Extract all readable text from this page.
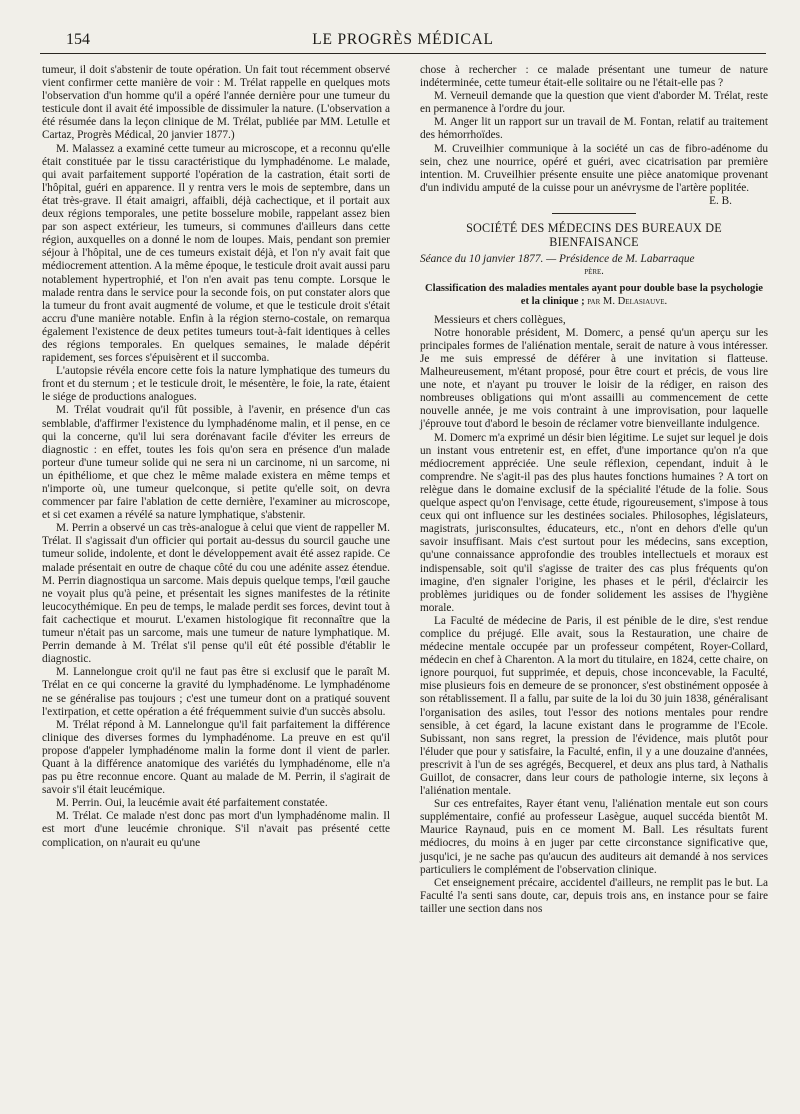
154	LE PROGRÈS MÉDICAL

tumeur, il doit s'abstenir de toute opération. Un fait tout récemment observé vient confirmer cette manière de voir : M. Trélat rappelle en quelques mots l'observation d'un homme qu'il a opéré l'année dernière pour une tumeur du testicule dont il avait été impossible de dissimuler la nature. (L'observation a été résumée dans la leçon clinique de M. Trélat, publiée par MM. Letulle et Cartaz, Progrès Médical, 20 janvier 1877.)

M. Malassez a examiné cette tumeur au microscope, et a reconnu qu'elle était constituée par le tissu caractéristique du lymphadénome. Le malade, qui avait parfaitement supporté l'opération de la castration, était sorti de l'hôpital, guéri en apparence. Il y rentra vers le mois de septembre, dans un état très-grave. Il était amaigri, affaibli, déjà cachectique, et il portait aux deux régions temporales, une petite bosselure mobile, rappelant assez bien par son aspect extérieur, les tumeurs, si communes d'ailleurs dans cette région, auxquelles on a donné le nom de loupes. Mais, pendant son premier séjour à l'hôpital, une de ces tumeurs existait déjà, et l'on n'y avait fait que médiocrement attention. A la même époque, le testicule droit avait aussi paru notablement hypertrophié, et l'on n'en avait pas tenu compte. Lorsque le malade rentra dans le service pour la seconde fois, on put constater alors que la tumeur du front avait augmenté de volume, et que le testicule droit s'était accru d'une manière notable. Enfin à la région sterno-costale, on remarqua également l'existence de deux petites tumeurs tout-à-fait identiques à celles des régions temporales. En quelques semaines, le malade dépérit rapidement, ses forces s'épuisèrent et il succomba.

L'autopsie révéla encore cette fois la nature lymphatique des tumeurs du front et du sternum ; et le testicule droit, le mésentère, le foie, la rate, étaient le siége de productions analogues.

M. Trélat voudrait qu'il fût possible, à l'avenir, en présence d'un cas semblable, d'affirmer l'existence du lymphadénome malin, et il pense, en ce qui la concerne, qu'il lui sera dorénavant facile d'éviter les erreurs de diagnostic : en effet, toutes les fois qu'on sera en présence d'un malade porteur d'une tumeur solide qui ne sera ni un carcinome, ni un sarcome, ni un épithéliome, et que chez le même malade existera en même temps et n'importe où, une tumeur quelconque, si petite qu'elle soit, on devra commencer par faire l'ablation de cette dernière, l'examiner au microscope, et si cet examen a révélé sa nature lymphatique, s'abstenir.

M. Perrin a observé un cas très-analogue à celui que vient de rappeller M. Trélat. Il s'agissait d'un officier qui portait au-dessus du sourcil gauche une tumeur solide, indolente, et dont le développement avait été assez rapide. Ce malade présentait en outre de chaque côté du cou une adénite assez étendue. M. Perrin diagnostiqua un sarcome. Mais depuis quelque temps, l'œil gauche ne voyait plus qu'à peine, et présentait les signes manifestes de la rétinite leucocythémique. En peu de temps, le malade perdit ses forces, devint tout à fait cachectique et mourut. L'examen histologique fit reconnaître que la tumeur n'était pas un sarcome, mais une tumeur de nature lymphatique. M. Perrin demande à M. Trélat s'il pense qu'il eût été possible d'établir le diagnostic.

M. Lannelongue croit qu'il ne faut pas être si exclusif que le paraît M. Trélat en ce qui concerne la gravité du lymphadénome. Le lymphadénome ne se généralise pas toujours ; c'est une tumeur dont on a pratiqué souvent l'extirpation, et cette opération a été fréquemment suivie d'un succès absolu.

M. Trélat répond à M. Lannelongue qu'il fait parfaitement la différence clinique des diverses formes du lymphadénome. La preuve en est qu'il propose d'appeler lymphadénome malin la forme dont il vient de parler. Quant à la différence anatomique des variétés du lymphadénome, elle n'a pas pu être reconnue encore. Quant au malade de M. Perrin, il s'agirait de savoir s'il était leucémique.

M. Perrin. Oui, la leucémie avait été parfaitement constatée.

M. Trélat. Ce malade n'est donc pas mort d'un lymphadénome malin. Il est mort d'une leucémie chronique. S'il n'avait pas présenté cette complication, on n'aurait eu qu'une

chose à rechercher : ce malade présentant une tumeur de nature indéterminée, cette tumeur était-elle solitaire ou ne l'était-elle pas ?

M. Verneuil demande que la question que vient d'aborder M. Trélat, reste en permanence à l'ordre du jour.

M. Anger lit un rapport sur un travail de M. Fontan, relatif au traitement des hémorrhoïdes.

M. Cruveilhier communique à la société un cas de fibro-adénome du sein, chez une nourrice, opéré et guéri, avec cicatrisation par première intention. M. Cruveilhier présente ensuite une pièce anatomique provenant d'un individu amputé de la cuisse pour un anévrysme de l'artère poplitée.

E. B.

SOCIÉTÉ DES MÉDECINS DES BUREAUX DE BIENFAISANCE

Séance du 10 janvier 1877. — Présidence de M. Labarraque

père.

Classification des maladies mentales ayant pour double base la psychologie et la clinique ; par M. Delasiauve.

Messieurs et chers collègues,

Notre honorable président, M. Domerc, a pensé qu'un aperçu sur les principales formes de l'aliénation mentale, serait de nature à vous intéresser. Je me suis empressé de déférer à une invitation si flatteuse. Malheureusement, m'étant proposé, pour être court et précis, de vous lire une note, et n'ayant pu trouver le loisir de la rédiger, en raison des nombreuses obligations qui m'ont assailli au commencement de cette nouvelle année, je me vois contraint à une improvisation, pour laquelle j'éprouve tout d'abord le besoin de réclamer votre bienveillante indulgence.

M. Domerc m'a exprimé un désir bien légitime. Le sujet sur lequel je dois un instant vous entretenir est, en effet, d'une importance qu'on n'a que médiocrement appréciée. Une seule réflexion, cependant, induit à le comprendre. Ne s'agit-il pas des plus hautes fonctions humaines ? A tort on relègue dans le domaine exclusif de la spécialité l'étude de la folie. Sous quelque aspect qu'on l'envisage, cette étude, rigoureusement, s'impose à tous ceux qui ont influence sur les destinées sociales. Philosophes, législateurs, magistrats, jurisconsultes, éducateurs, etc., n'ont en dehors d'elle qu'un savoir insuffisant. Mais c'est surtout pour les médecins, sans exception, qu'une connaissance approfondie des troubles intellectuels et moraux est indispensable, soit qu'il s'agisse de traiter des cas plus fréquents qu'on imagine, d'en signaler l'origine, les phases et le péril, d'éclaircir les problèmes juridiques ou de fonder solidement les assises de l'hygiène morale.

La Faculté de médecine de Paris, il est pénible de le dire, s'est rendue complice du préjugé. Elle avait, sous la Restauration, une chaire de médecine mentale occupée par un professeur compétent, Royer-Collard, médecin en chef à Charenton. A la mort du titulaire, en 1824, cette chaire, on ignore pourquoi, fut supprimée, et depuis, chose inconcevable, la Faculté, mise plusieurs fois en demeure de se prononcer, s'est obstinément opposée à son rétablissement. Il a fallu, par suite de la loi du 30 juin 1838, généralisant l'organisation des asiles, tout l'essor des notions mentales pour rendre sensible, à cet égard, la lacune existant dans le programme de l'Ecole. Subissant, non sans regret, la pression de l'évidence, mais plutôt pour l'éluder que pour y satisfaire, la Faculté, enfin, il y a une douzaine d'années, prescrivit à l'un de ses agrégés, Becquerel, et deux ans plus tard, à Nathalis Guillot, de consacrer, dans leur cours de pathologie interne, six leçons à l'aliénation mentale.

Sur ces entrefaites, Rayer étant venu, l'aliénation mentale eut son cours supplémentaire, confié au professeur Lasègue, auquel succéda bientôt M. Maurice Raynaud, puis en ce moment M. Ball. Les résultats furent médiocres, du moins à en juger par cette circonstance significative que, jusqu'ici, je ne sache pas qu'aucun des auditeurs ait demandé à nos services particuliers le complément de l'observation clinique.

Cet enseignement précaire, accidentel d'ailleurs, ne remplit pas le but. La Faculté l'a senti sans doute, car, depuis trois ans, en instance pour se faire tailler une section dans nos
